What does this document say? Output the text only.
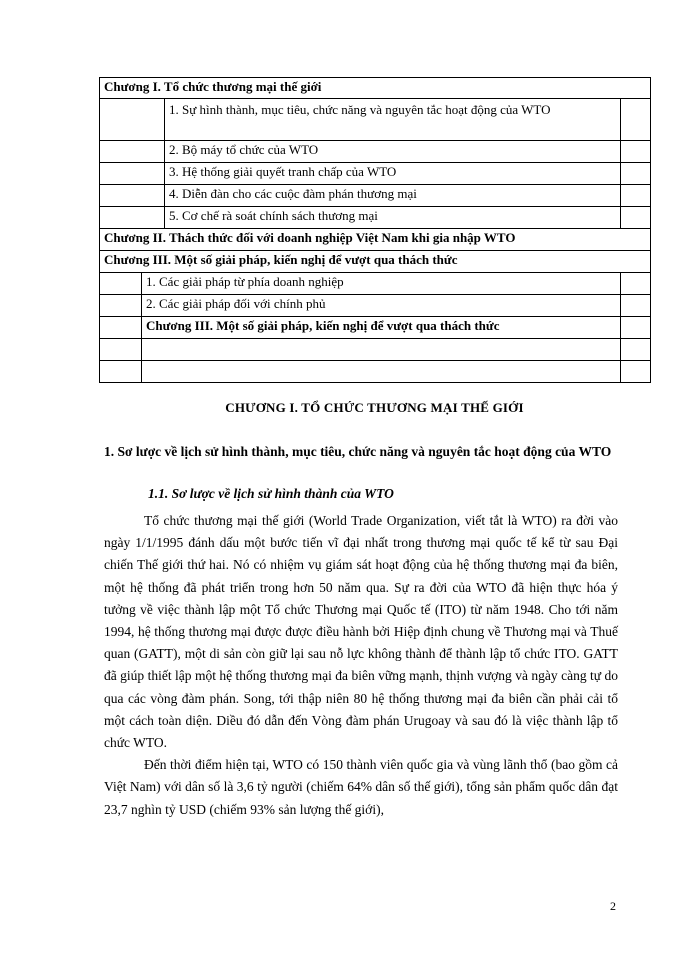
Chương I. Tổ chức thương mại thế giới			
		1. Sự hình thành, mục tiêu, chức năng và nguyên tắc hoạt động của WTO	
		2. Bộ máy tổ chức của WTO	
		3. Hệ thống giải quyết tranh chấp của WTO	
		4. Diễn đàn cho các cuộc đàm phán thương mại	
		5. Cơ chế rà soát chính sách thương mại	
Chương II. Thách thức đối với doanh nghiệp Việt Nam khi gia nhập WTO			
Chương III. Một số giải pháp, kiến nghị để vượt qua thách thức			
	1. Các giải pháp từ phía doanh nghiệp		
	2. Các giải pháp đối với chính phủ		
	Chương III. Một số giải pháp, kiến nghị để vượt qua thách thức		

CHƯƠNG I. TỔ CHỨC THƯƠNG MẠI THẾ GIỚI
1. Sơ lược về lịch sử hình thành, mục tiêu, chức năng và nguyên tắc hoạt động của WTO
1.1. Sơ lược về lịch sử hình thành của WTO

Tổ chức thương mại thế giới (World Trade Organization, viết tắt là WTO) ra đời vào ngày 1/1/1995 đánh dấu một bước tiến vĩ đại nhất trong thương mại quốc tế kể từ sau Đại chiến Thế giới thứ hai. Nó có nhiệm vụ giám sát hoạt động của hệ thống thương mại đa biên, một hệ thống đã phát triển trong hơn 50 năm qua. Sự ra đời của WTO đã hiện thực hóa ý tưởng về việc thành lập một Tổ chức Thương mại Quốc tế (ITO) từ năm 1948. Cho tới năm 1994, hệ thống thương mại được được điều hành bởi Hiệp định chung về Thương mại và Thuế quan (GATT), một di sản còn giữ lại sau nỗ lực không thành để thành lập tổ chức ITO. GATT đã giúp thiết lập một hệ thống thương mại đa biên vững mạnh, thịnh vượng và ngày càng tự do qua các vòng đàm phán. Song, tới thập niên 80 hệ thống thương mại đa biên cần phải cải tổ một cách toàn diện. Diều đó dẫn đến Vòng đàm phán Urugoay và sau đó là việc thành lập tổ chức WTO.

Đến thời điểm hiện tại, WTO có 150 thành viên quốc gia và vùng lãnh thổ (bao gồm cả Việt Nam) với dân số là 3,6 tỷ người (chiếm 64% dân số thế giới), tổng sản phẩm quốc dân đạt 23,7 nghìn tỷ USD (chiếm 93% sản lượng thế giới),

2
